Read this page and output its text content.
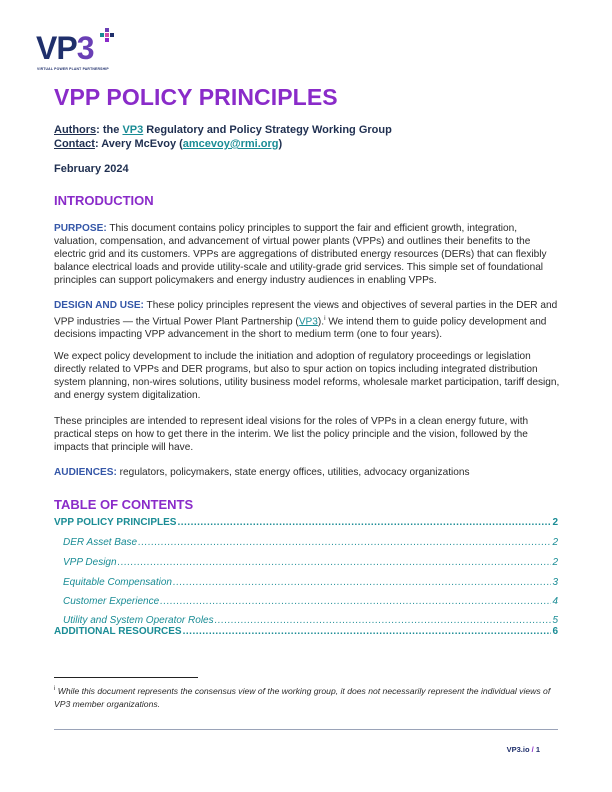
VP3
VIRTUAL POWER PLANT PARTNERSHIP
VPP POLICY PRINCIPLES
Authors: the VP3 Regulatory and Policy Strategy Working Group
Contact: Avery McEvoy (amcevoy@rmi.org)
February 2024
INTRODUCTION

PURPOSE: This document contains policy principles to support the fair and efficient growth, integration, valuation, compensation, and advancement of virtual power plants (VPPs) and outlines their benefits to the electric grid and its customers. VPPs are aggregations of distributed energy resources (DERs) that can flexibly balance electrical loads and provide utility-scale and utility-grade grid services. This simple set of foundational principles can support policymakers and energy industry audiences in enabling VPPs.

DESIGN AND USE: These policy principles represent the views and objectives of several parties in the DER and VPP industries — the Virtual Power Plant Partnership (VP3).$^i$ We intend them to guide policy development and decisions impacting VPP advancement in the short to medium term (one to four years).

We expect policy development to include the initiation and adoption of regulatory proceedings or legislation directly related to VPPs and DER programs, but also to spur action on topics including integrated distribution system planning, non-wires solutions, utility business model reforms, wholesale market participation, tariff design, and energy system digitalization.

These principles are intended to represent ideal visions for the roles of VPPs in a clean energy future, with practical steps on how to get there in the interim. We list the policy principle and the vision, followed by the impacts that principle will have.

AUDIENCES: regulators, policymakers, state energy offices, utilities, advocacy organizations

TABLE OF CONTENTS
VPP POLICY PRINCIPLES .....	2
DER Asset Base .....	2
VPP Design .....	2
Equitable Compensation .....	3
Customer Experience .....	4
Utility and System Operator Roles .....	5
ADDITIONAL RESOURCES .....	6
$^i$ While this document represents the consensus view of the working group, it does not necessarily represent the individual views of VP3 member organizations.
VP3.io / 1
